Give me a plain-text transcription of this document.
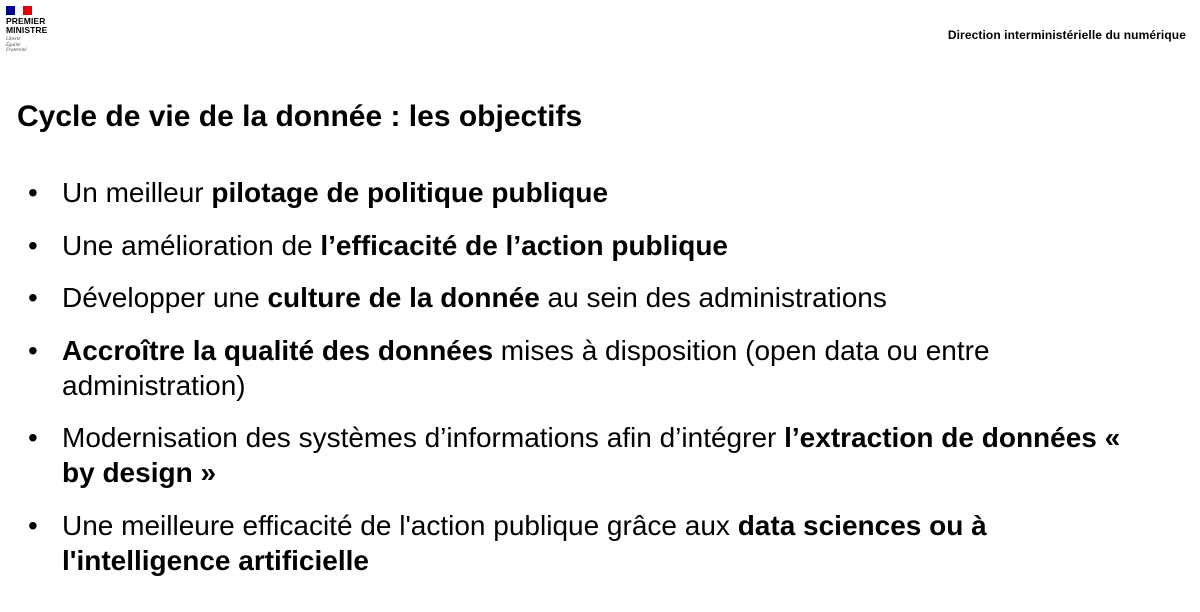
PREMIER
MINISTRE
Liberté
Égalité
Fraternité
Direction interministérielle du numérique
Cycle de vie de la donnée : les objectifs
• Un meilleur pilotage de politique publique
• Une amélioration de l’efficacité de l’action publique
• Développer une culture de la donnée au sein des administrations
• Accroître la qualité des données mises à disposition (open data ou entre administration)
• Modernisation des systèmes d’informations afin d’intégrer l’extraction de données « by design »
• Une meilleure efficacité de l'action publique grâce aux data sciences ou à l'intelligence artificielle
